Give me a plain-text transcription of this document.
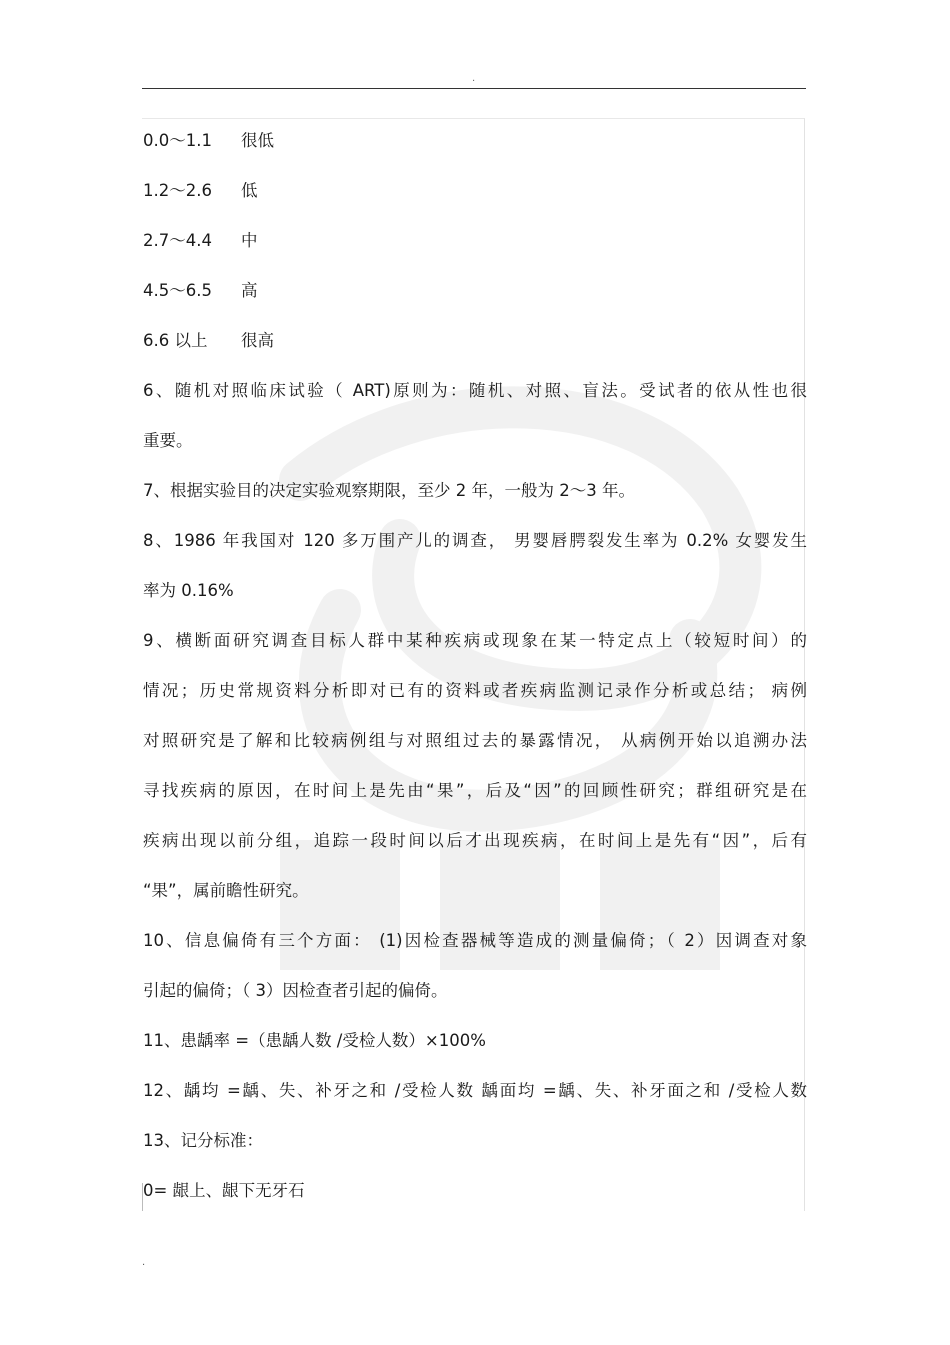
.
0.0～1.1 很低
1.2～2.6 低
2.7～4.4 中
4.5～6.5 高
6.6 以上 很高
6、随机对照临床试验（ ART)原则为：随机、对照、盲法。受试者的依从性也很
重要。
7、根据实验目的决定实验观察期限，至少 2 年，一般为 2～3 年。
8、1986 年我国对 120 多万围产儿的调查， 男婴唇腭裂发生率为 0.2% 女婴发生
率为 0.16%
9、横断面研究调查目标人群中某种疾病或现象在某一特定点上（较短时间）的
情况；历史常规资料分析即对已有的资料或者疾病监测记录作分析或总结； 病例
对照研究是了解和比较病例组与对照组过去的暴露情况， 从病例开始以追溯办法
寻找疾病的原因，在时间上是先由“果”，后及“因”的回顾性研究；群组研究是在
疾病出现以前分组，追踪一段时间以后才出现疾病，在时间上是先有“因”，后有
“果”，属前瞻性研究。
10、信息偏倚有三个方面： (1)因检查器械等造成的测量偏倚；（ 2）因调查对象
引起的偏倚；（ 3）因检查者引起的偏倚。
11、患龋率 =（患龋人数 /受检人数）×100%
12、龋均 =龋、失、补牙之和 /受检人数 龋面均 =龋、失、补牙面之和 /受检人数
13、记分标准：
0= 龈上、龈下无牙石
.
